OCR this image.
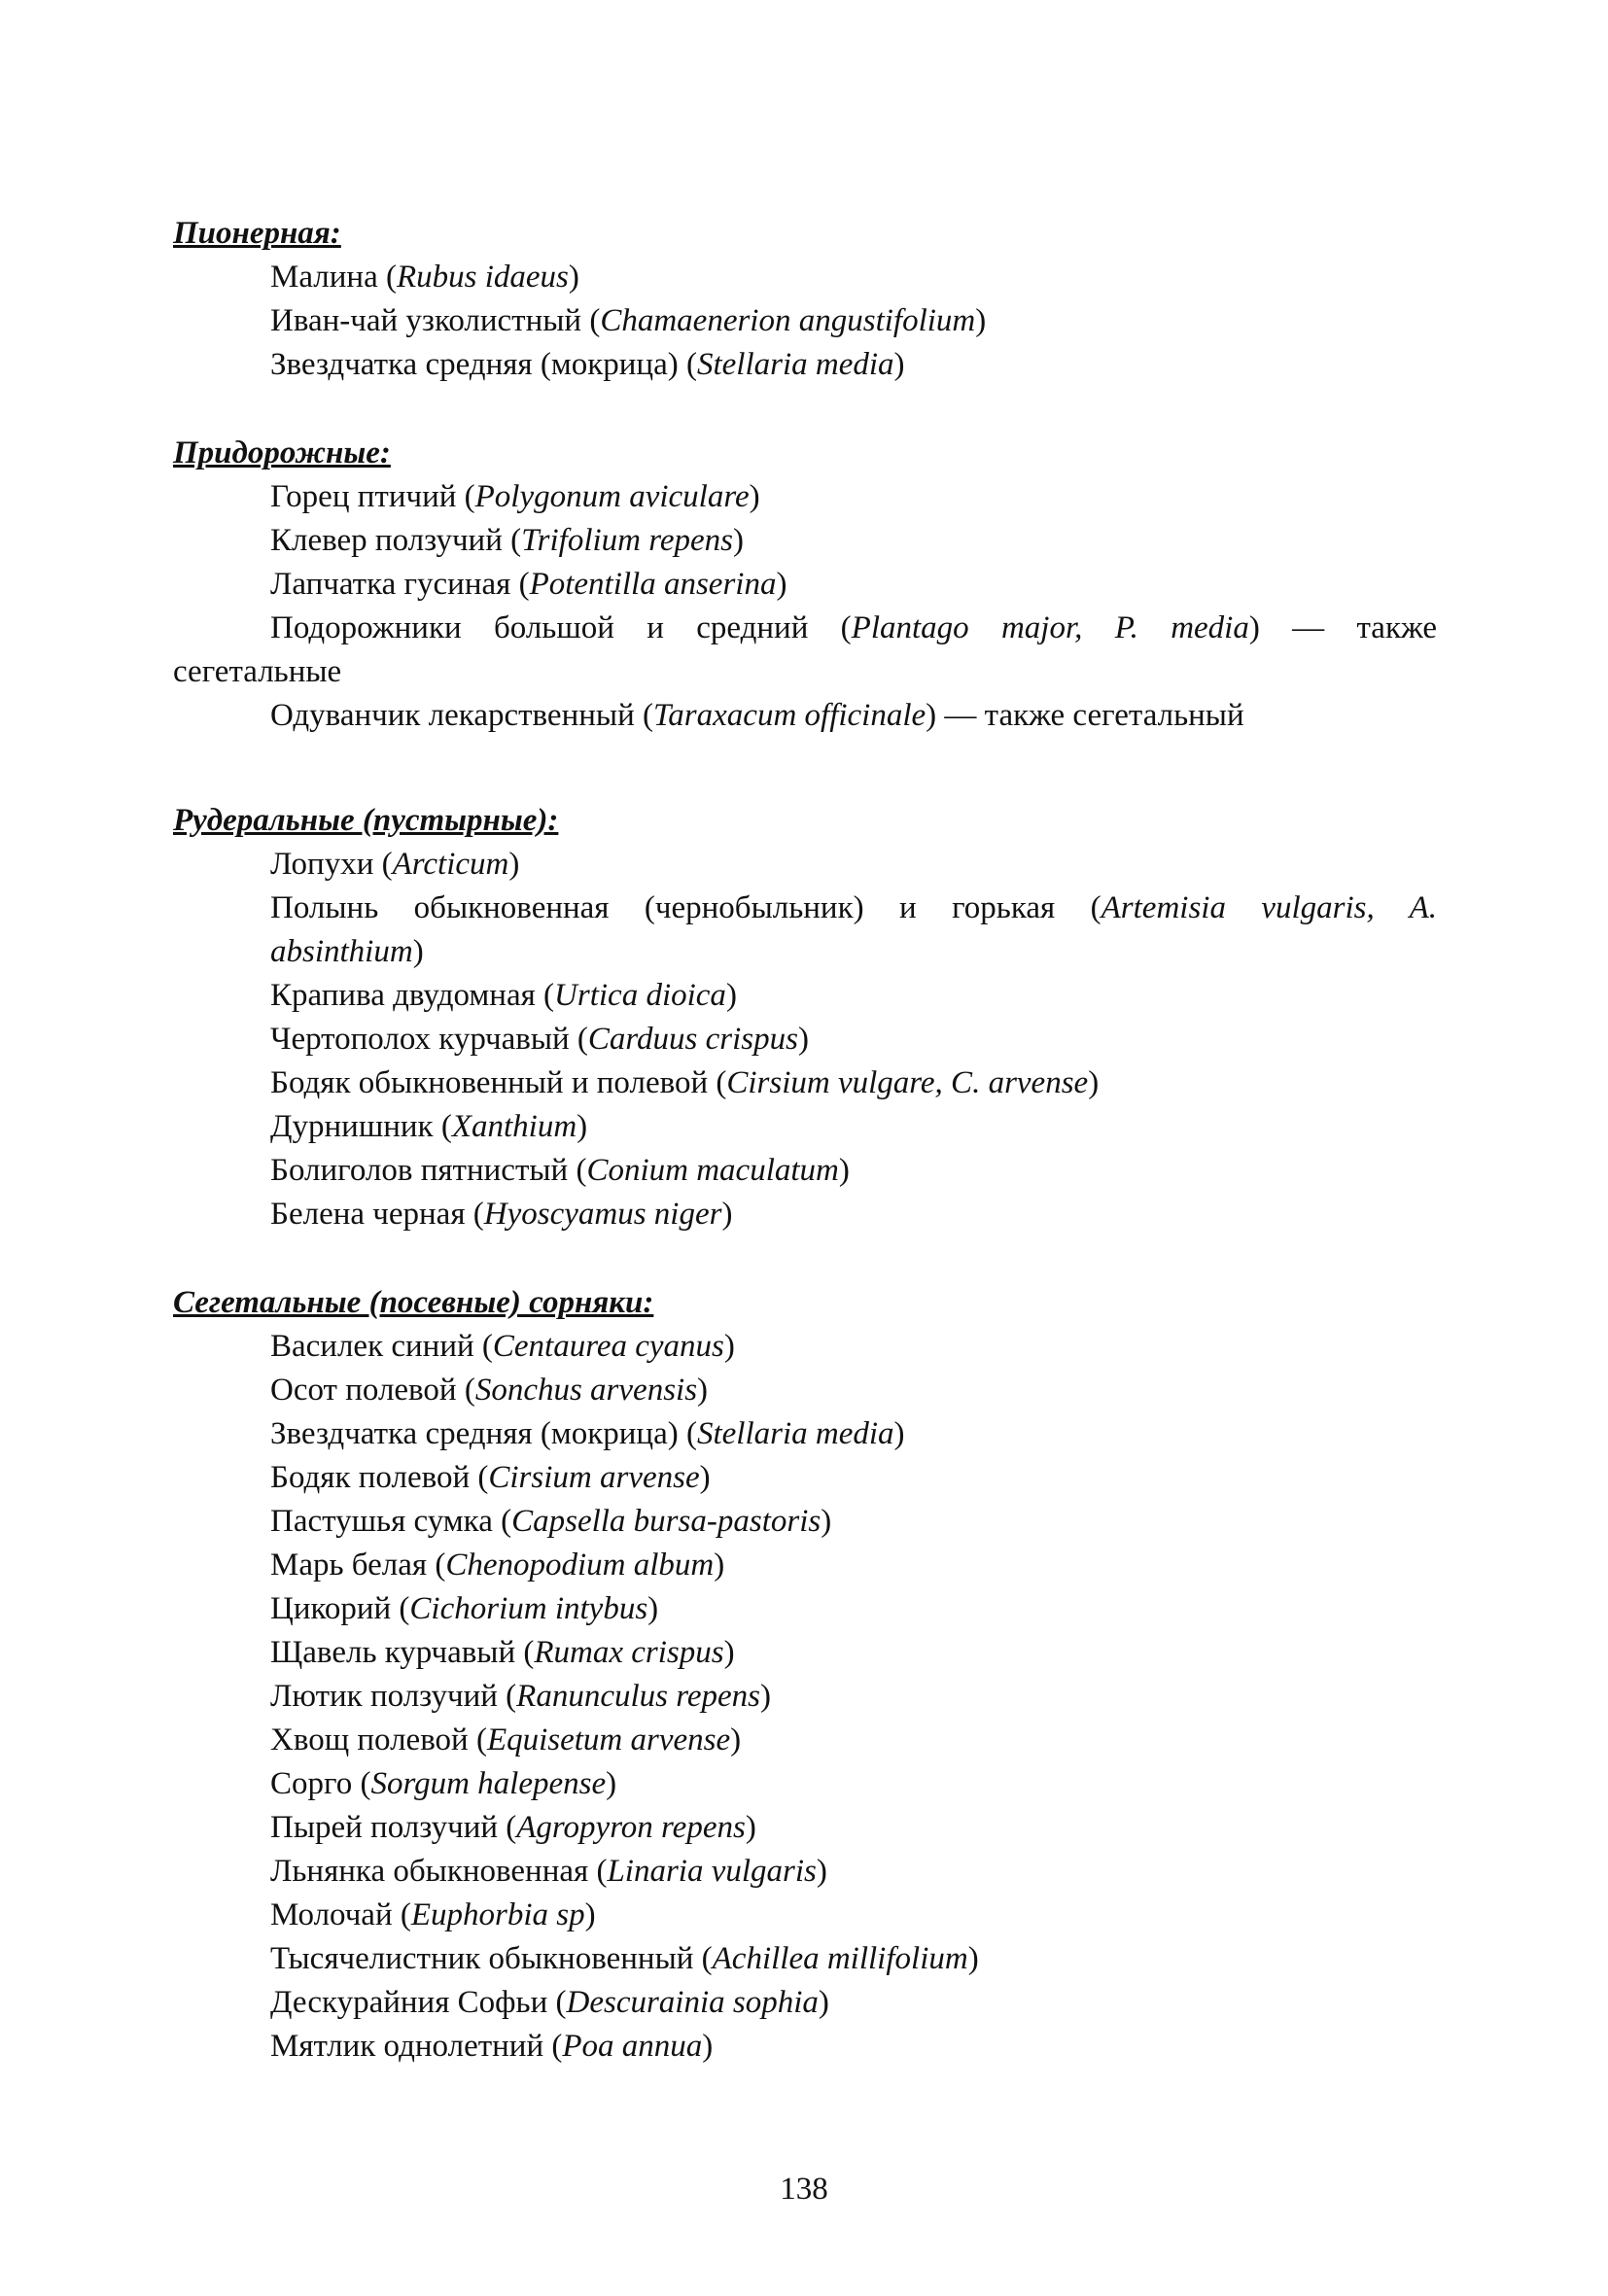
Пионерная:

Малина (Rubus idaeus)

Иван-чай узколистный (Chamaenerion angustifolium)

Звездчатка средняя (мокрица) (Stellaria media)

Придорожные:

Горец птичий (Polygonum aviculare)

Клевер ползучий (Trifolium repens)

Лапчатка гусиная (Potentilla anserina)

Подорожники большой и средний (Plantago major, P. media) — также

сегетальные

Одуванчик лекарственный (Taraxacum officinale) — также сегетальный

Рудеральные (пустырные):

Лопухи (Arcticum)

Полынь обыкновенная (чернобыльник) и горькая (Artemisia vulgaris, A.

absinthium)

Крапива двудомная (Urtica dioica)

Чертополох курчавый (Carduus crispus)

Бодяк обыкновенный и полевой (Cirsium vulgare, C. arvense)

Дурнишник (Xanthium)

Болиголов пятнистый (Conium maculatum)

Белена черная (Hyoscyamus niger)

Сегетальные (посевные) сорняки:

Василек синий (Centaurea cyanus)

Осот полевой (Sonchus arvensis)

Звездчатка средняя (мокрица) (Stellaria media)

Бодяк полевой (Cirsium arvense)

Пастушья сумка (Capsella bursa-pastoris)

Марь белая (Chenopodium album)

Цикорий (Cichorium intybus)

Щавель курчавый (Rumax crispus)

Лютик ползучий (Ranunculus repens)

Хвощ полевой (Equisetum arvense)

Сорго (Sorgum halepense)

Пырей ползучий (Agropyron repens)

Льнянка обыкновенная (Linaria vulgaris)

Молочай (Euphorbia sp)

Тысячелистник обыкновенный (Achillea millifolium)

Дескурайния Софьи (Descurainia sophia)

Мятлик однолетний (Poa annua)

138
